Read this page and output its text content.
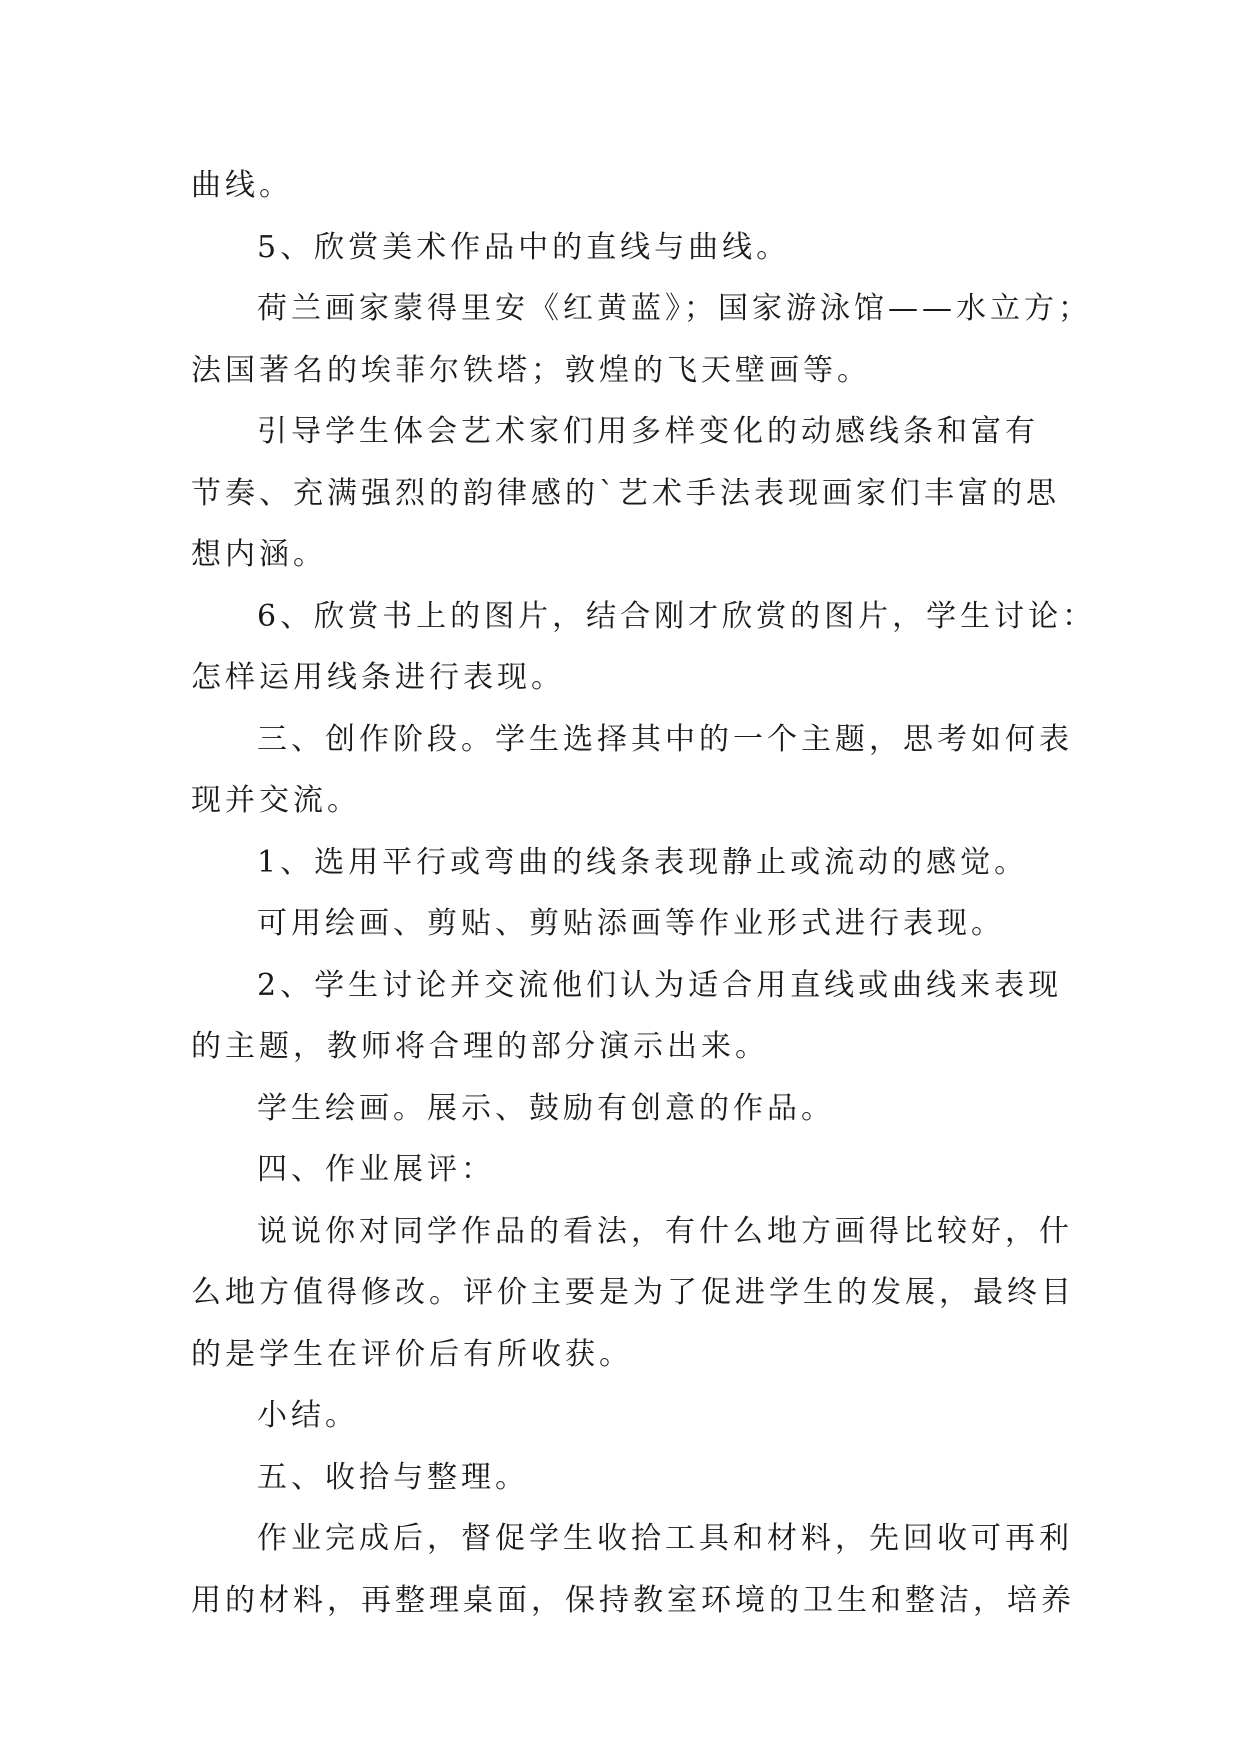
曲线。
5、欣赏美术作品中的直线与曲线。
荷兰画家蒙得里安《红黄蓝》；国家游泳馆——水立方；
法国著名的埃菲尔铁塔；敦煌的飞天壁画等。
引导学生体会艺术家们用多样变化的动感线条和富有
节奏、充满强烈的韵律感的`艺术手法表现画家们丰富的思
想内涵。
6、欣赏书上的图片，结合刚才欣赏的图片，学生讨论：
怎样运用线条进行表现。
三、创作阶段。学生选择其中的一个主题，思考如何表
现并交流。
1、选用平行或弯曲的线条表现静止或流动的感觉。
可用绘画、剪贴、剪贴添画等作业形式进行表现。
2、学生讨论并交流他们认为适合用直线或曲线来表现
的主题，教师将合理的部分演示出来。
学生绘画。展示、鼓励有创意的作品。
四、作业展评：
说说你对同学作品的看法，有什么地方画得比较好，什
么地方值得修改。评价主要是为了促进学生的发展，最终目
的是学生在评价后有所收获。
小结。
五、收拾与整理。
作业完成后，督促学生收拾工具和材料，先回收可再利
用的材料，再整理桌面，保持教室环境的卫生和整洁，培养
